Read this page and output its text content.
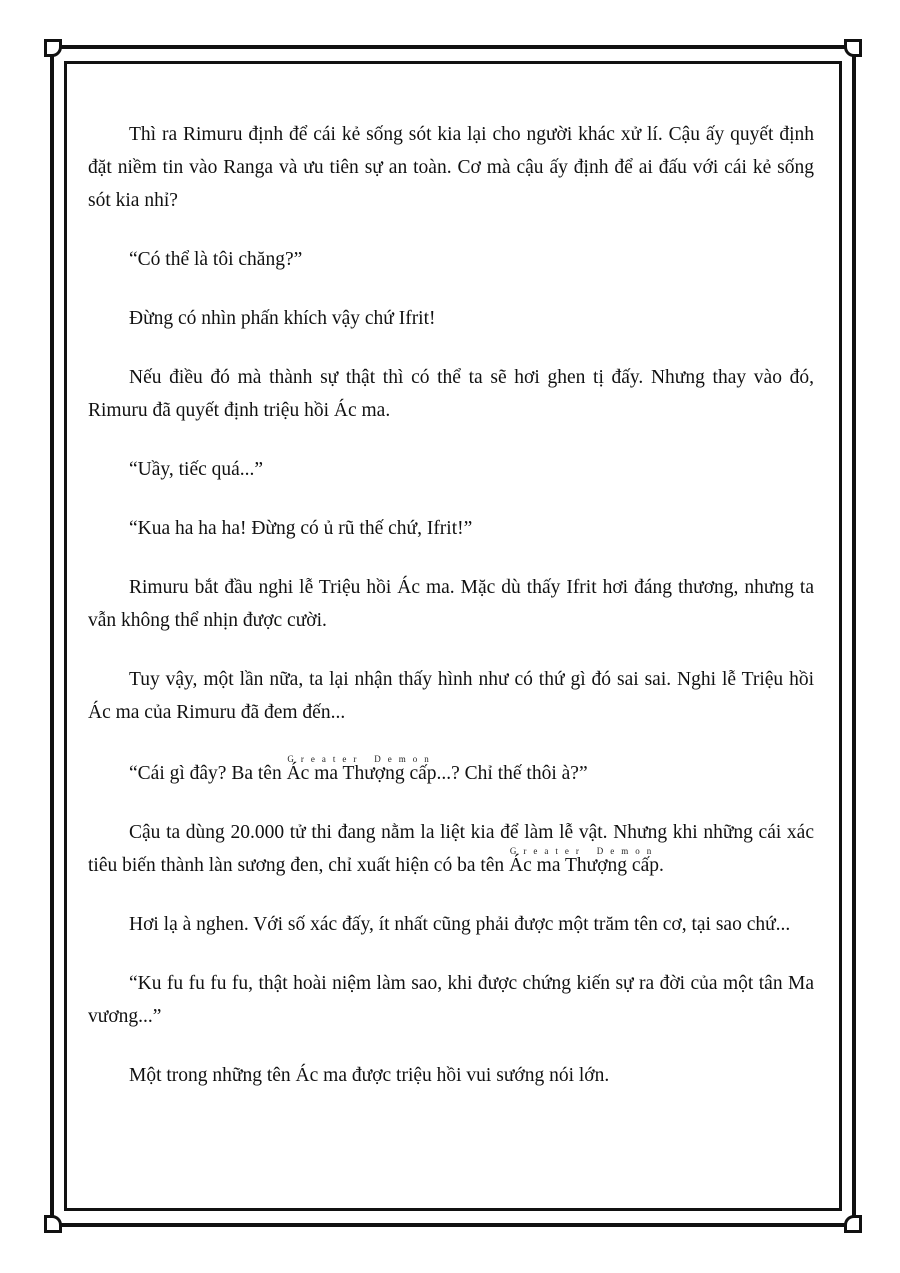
Thì ra Rimuru định để cái kẻ sống sót kia lại cho người khác xử lí. Cậu ấy quyết định đặt niềm tin vào Ranga và ưu tiên sự an toàn. Cơ mà cậu ấy định để ai đấu với cái kẻ sống sót kia nhỉ?

“Có thể là tôi chăng?”

Đừng có nhìn phấn khích vậy chứ Ifrit!

Nếu điều đó mà thành sự thật thì có thể ta sẽ hơi ghen tị đấy. Nhưng thay vào đó, Rimuru đã quyết định triệu hồi Ác ma.

“Uầy, tiếc quá...”

“Kua ha ha ha! Đừng có ủ rũ thế chứ, Ifrit!”

Rimuru bắt đầu nghi lễ Triệu hồi Ác ma. Mặc dù thấy Ifrit hơi đáng thương, nhưng ta vẫn không thể nhịn được cười.

Tuy vậy, một lần nữa, ta lại nhận thấy hình như có thứ gì đó sai sai. Nghi lễ Triệu hồi Ác ma của Rimuru đã đem đến...

“Cái gì đây? Ba tên Ác ma Thượng cấpGreater Demon...? Chỉ thế thôi à?”

Cậu ta dùng 20.000 tử thi đang nằm la liệt kia để làm lễ vật. Nhưng khi những cái xác tiêu biến thành làn sương đen, chỉ xuất hiện có ba tên Ác ma Thượng cấpGreater Demon.

Hơi lạ à nghen. Với số xác đấy, ít nhất cũng phải được một trăm tên cơ, tại sao chứ...

“Ku fu fu fu fu, thật hoài niệm làm sao, khi được chứng kiến sự ra đời của một tân Ma vương...”

Một trong những tên Ác ma được triệu hồi vui sướng nói lớn.
